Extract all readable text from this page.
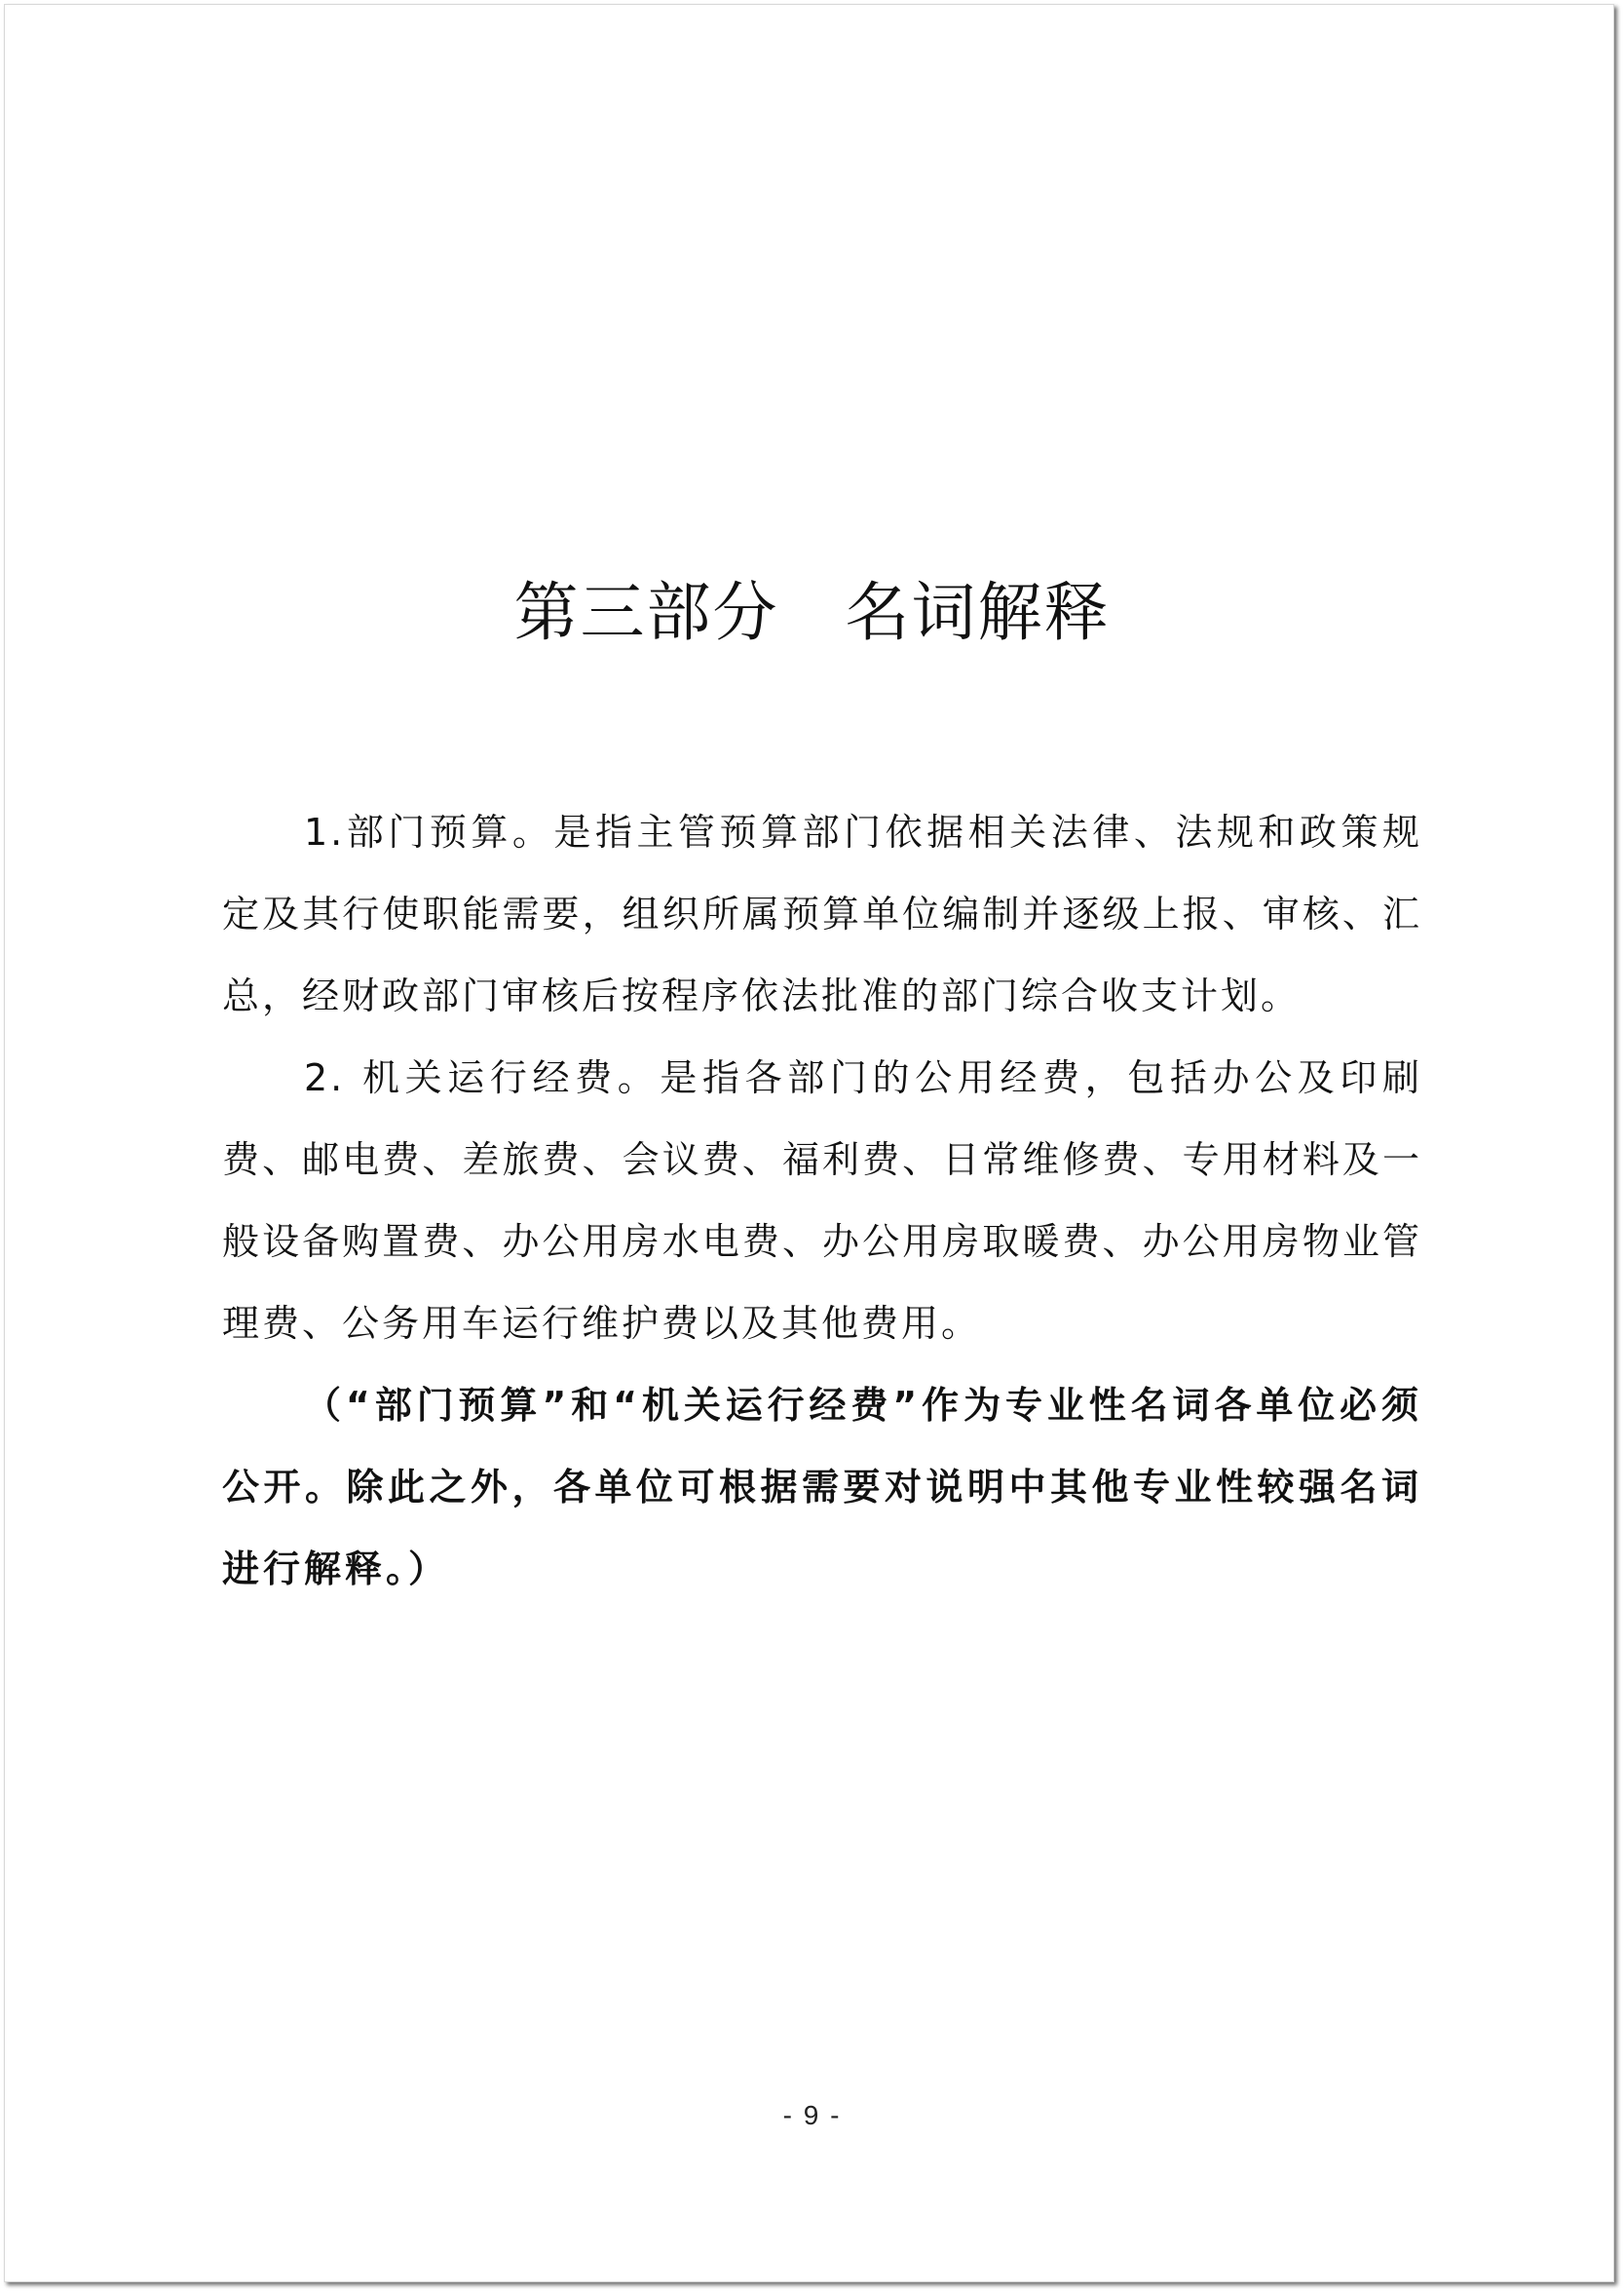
第三部分　名词解释

1.部门预算。是指主管预算部门依据相关法律、法规和政策规定及其行使职能需要，组织所属预算单位编制并逐级上报、审核、汇总，经财政部门审核后按程序依法批准的部门综合收支计划。

2. 机关运行经费。是指各部门的公用经费，包括办公及印刷费、邮电费、差旅费、会议费、福利费、日常维修费、专用材料及一般设备购置费、办公用房水电费、办公用房取暖费、办公用房物业管理费、公务用车运行维护费以及其他费用。

（“部门预算”和“机关运行经费”作为专业性名词各单位必须公开。除此之外，各单位可根据需要对说明中其他专业性较强名词进行解释。）

- 9 -
